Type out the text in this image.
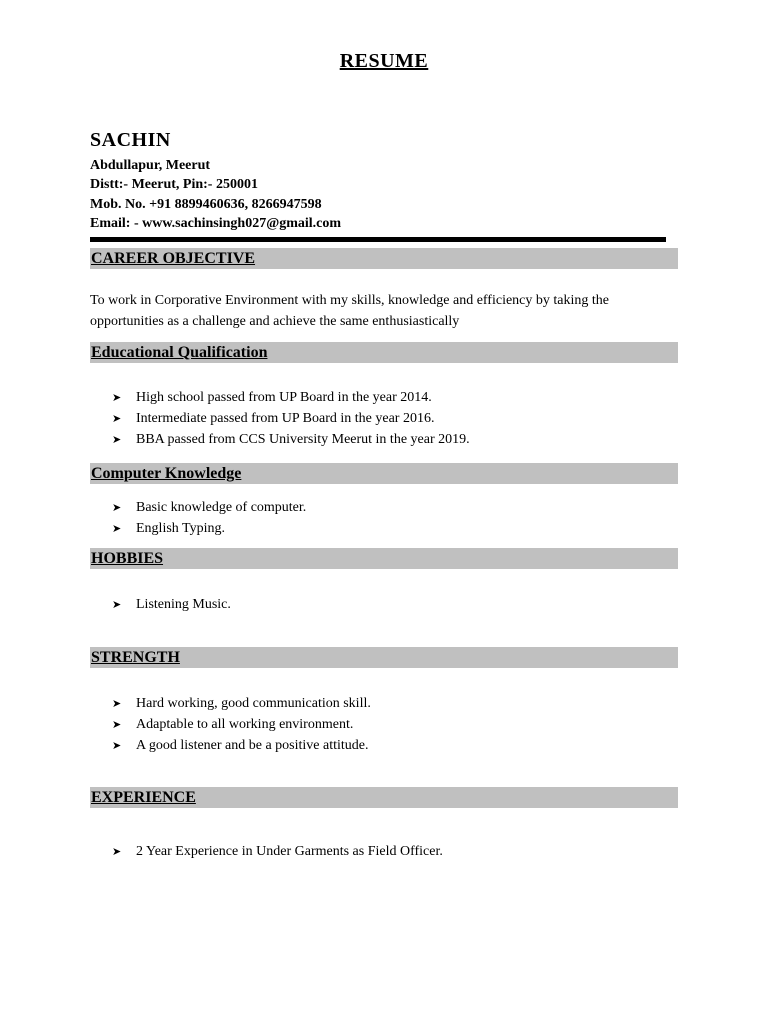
RESUME
SACHIN
Abdullapur, Meerut
Distt:- Meerut, Pin:- 250001
Mob. No. +91 8899460636, 8266947598
Email: - www.sachinsingh027@gmail.com
CAREER OBJECTIVE
To work in Corporative Environment with my skills, knowledge and efficiency by taking the opportunities as a challenge and achieve the same enthusiastically
Educational Qualification
➤ High school passed from UP Board in the year 2014.
➤ Intermediate passed from UP Board in the year 2016.
➤ BBA passed from CCS University Meerut in the year 2019.
Computer Knowledge
➤ Basic knowledge of computer.
➤ English Typing.
HOBBIES
➤ Listening Music.
STRENGTH
➤ Hard working, good communication skill.
➤ Adaptable to all working environment.
➤ A good listener and be a positive attitude.
EXPERIENCE
➤ 2 Year Experience in Under Garments as Field Officer.
